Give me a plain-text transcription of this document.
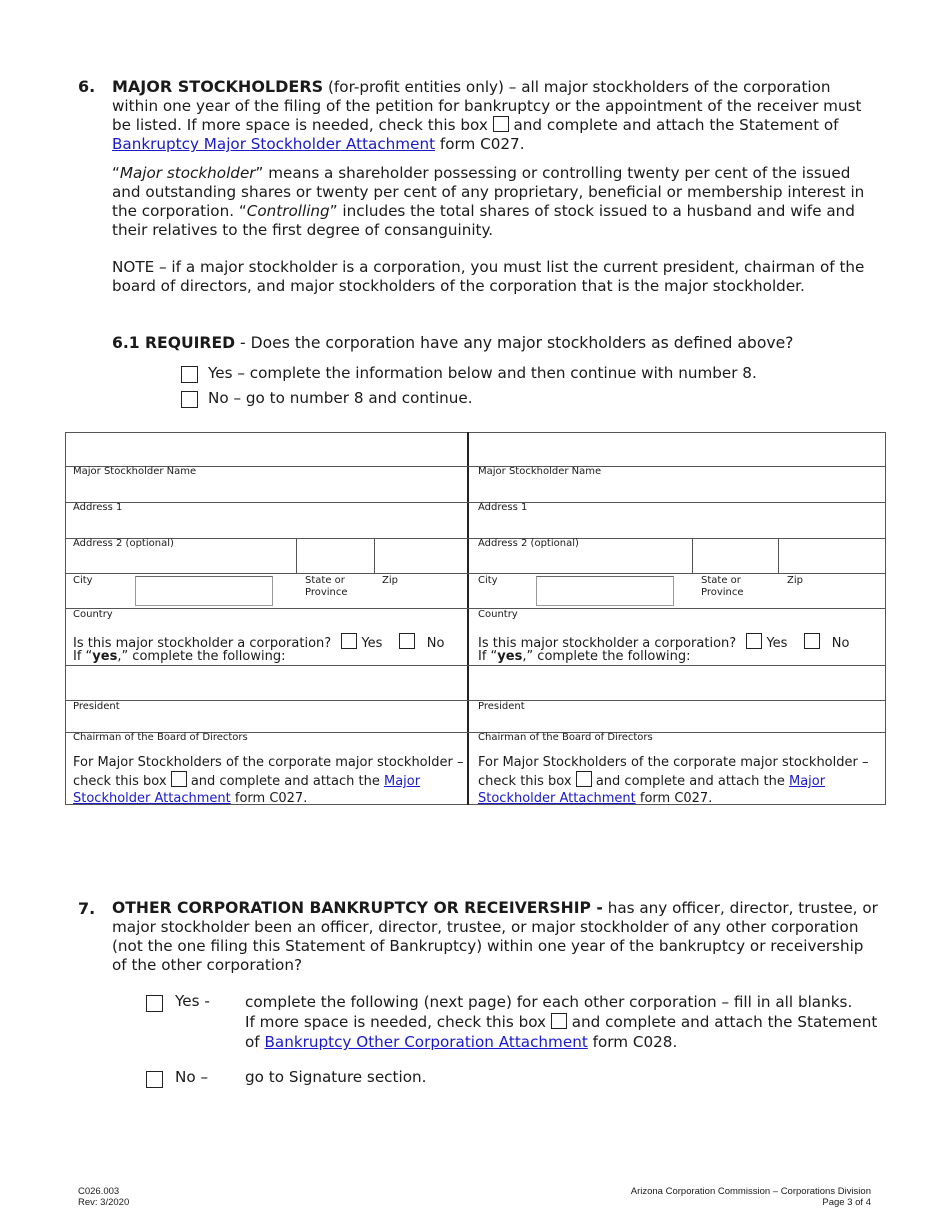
6. MAJOR STOCKHOLDERS (for-profit entities only) – all major stockholders of the corporation
within one year of the filing of the petition for bankruptcy or the appointment of the receiver must
be listed. If more space is needed, check this box and complete and attach the Statement of
Bankruptcy Major Stockholder Attachment form C027.
“Major stockholder” means a shareholder possessing or controlling twenty per cent of the issued
and outstanding shares or twenty per cent of any proprietary, beneficial or membership interest in
the corporation. “Controlling” includes the total shares of stock issued to a husband and wife and
their relatives to the first degree of consanguinity.
NOTE – if a major stockholder is a corporation, you must list the current president, chairman of the
board of directors, and major stockholders of the corporation that is the major stockholder.
6.1 REQUIRED - Does the corporation have any major stockholders as defined above?
Yes – complete the information below and then continue with number 8.
No – go to number 8 and continue.
Major Stockholder Name
Address 1
Address 2 (optional)
City	State or
Province
Zip
Country
Is this major stockholder a corporation? Yes	No
If “yes,” complete the following:
President
Chairman of the Board of Directors
For Major Stockholders of the corporate major stockholder –
check this box and complete and attach the Major
Stockholder Attachment form C027.
Major Stockholder Name
Address 1
Address 2 (optional)
City	State or
Province
Zip
Country
Is this major stockholder a corporation? Yes	No
If “yes,” complete the following:
President
Chairman of the Board of Directors
For Major Stockholders of the corporate major stockholder –
check this box and complete and attach the Major
Stockholder Attachment form C027.
7. OTHER CORPORATION BANKRUPTCY OR RECEIVERSHIP - has any officer, director, trustee, or
major stockholder been an officer, director, trustee, or major stockholder of any other corporation
(not the one filing this Statement of Bankruptcy) within one year of the bankruptcy or receivership
of the other corporation?
Yes - complete the following (next page) for each other corporation – fill in all blanks.
If more space is needed, check this box and complete and attach the Statement
of Bankruptcy Other Corporation Attachment form C028.
No – go to Signature section.
C026.003
Rev: 3/2020
Arizona Corporation Commission – Corporations Division
Page 3 of 4
